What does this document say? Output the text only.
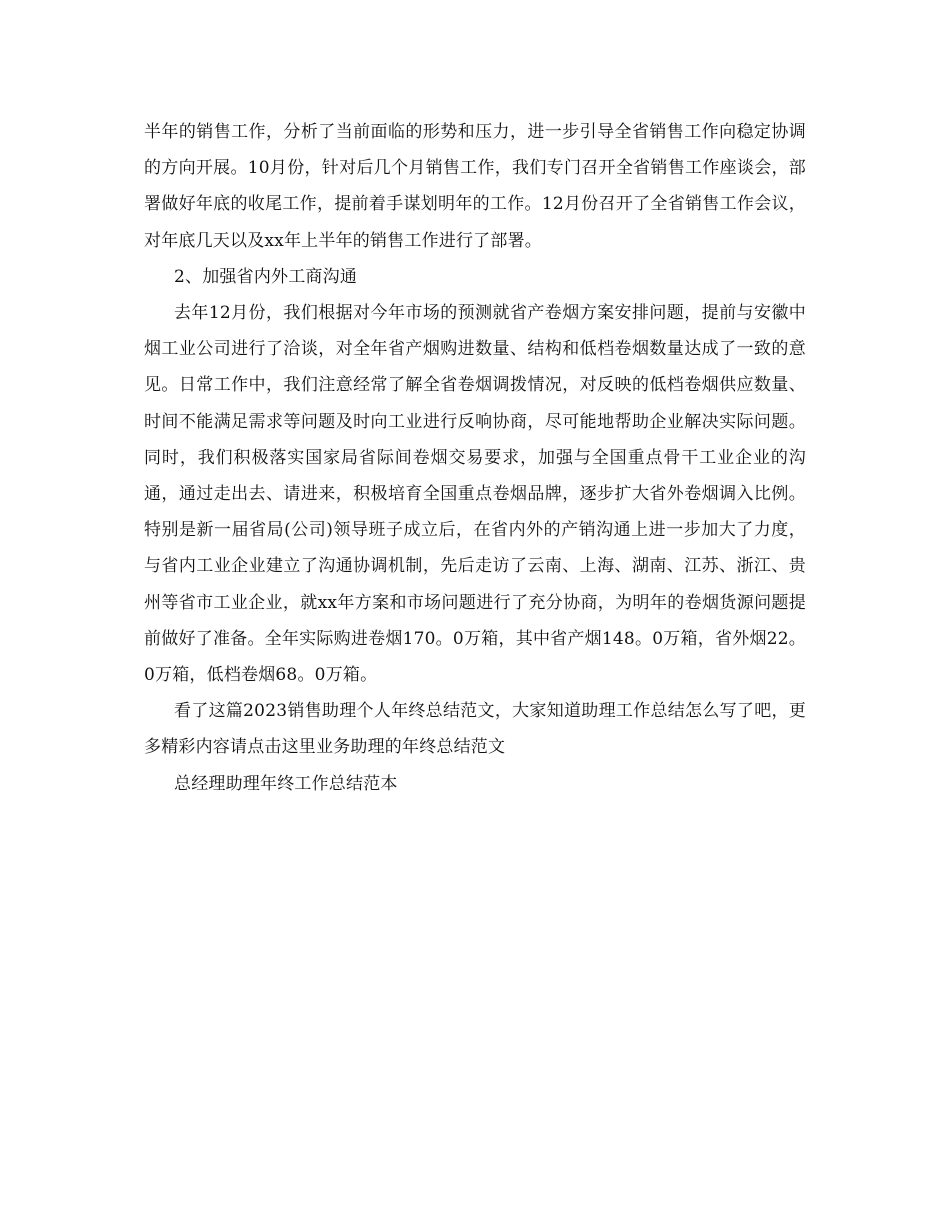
半年的销售工作，分析了当前面临的形势和压力，进一步引导全省销售工作向稳定协调的方向开展。10月份，针对后几个月销售工作，我们专门召开全省销售工作座谈会，部署做好年底的收尾工作，提前着手谋划明年的工作。12月份召开了全省销售工作会议，对年底几天以及xx年上半年的销售工作进行了部署。

2、加强省内外工商沟通

去年12月份，我们根据对今年市场的预测就省产卷烟方案安排问题，提前与安徽中烟工业公司进行了洽谈，对全年省产烟购进数量、结构和低档卷烟数量达成了一致的意见。日常工作中，我们注意经常了解全省卷烟调拨情况，对反映的低档卷烟供应数量、时间不能满足需求等问题及时向工业进行反响协商，尽可能地帮助企业解决实际问题。同时，我们积极落实国家局省际间卷烟交易要求，加强与全国重点骨干工业企业的沟通，通过走出去、请进来，积极培育全国重点卷烟品牌，逐步扩大省外卷烟调入比例。特别是新一届省局(公司)领导班子成立后，在省内外的产销沟通上进一步加大了力度，与省内工业企业建立了沟通协调机制，先后走访了云南、上海、湖南、江苏、浙江、贵州等省市工业企业，就xx年方案和市场问题进行了充分协商，为明年的卷烟货源问题提前做好了准备。全年实际购进卷烟170。0万箱，其中省产烟148。0万箱，省外烟22。0万箱，低档卷烟68。0万箱。

看了这篇2023销售助理个人年终总结范文，大家知道助理工作总结怎么写了吧，更多精彩内容请点击这里业务助理的年终总结范文

总经理助理年终工作总结范本
